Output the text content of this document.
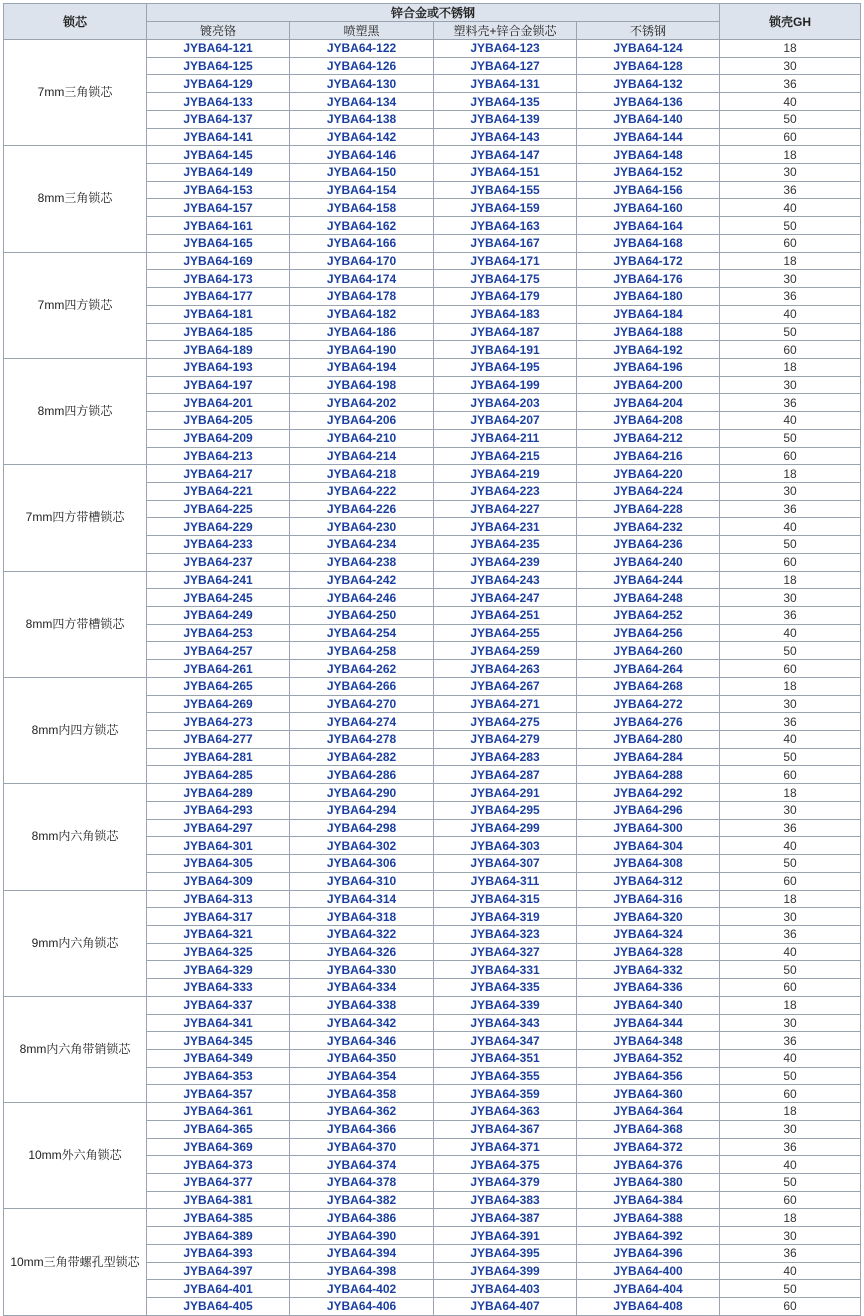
锁芯	锌合金或不锈钢				锁壳GH
	镀亮铬	喷塑黑	塑料壳+锌合金锁芯	不锈钢	
7mm三角锁芯	JYBA64-121	JYBA64-122	JYBA64-123	JYBA64-124	18
	JYBA64-125	JYBA64-126	JYBA64-127	JYBA64-128	30
	JYBA64-129	JYBA64-130	JYBA64-131	JYBA64-132	36
	JYBA64-133	JYBA64-134	JYBA64-135	JYBA64-136	40
	JYBA64-137	JYBA64-138	JYBA64-139	JYBA64-140	50
	JYBA64-141	JYBA64-142	JYBA64-143	JYBA64-144	60
8mm三角锁芯	JYBA64-145	JYBA64-146	JYBA64-147	JYBA64-148	18
	JYBA64-149	JYBA64-150	JYBA64-151	JYBA64-152	30
	JYBA64-153	JYBA64-154	JYBA64-155	JYBA64-156	36
	JYBA64-157	JYBA64-158	JYBA64-159	JYBA64-160	40
	JYBA64-161	JYBA64-162	JYBA64-163	JYBA64-164	50
	JYBA64-165	JYBA64-166	JYBA64-167	JYBA64-168	60
7mm四方锁芯	JYBA64-169	JYBA64-170	JYBA64-171	JYBA64-172	18
	JYBA64-173	JYBA64-174	JYBA64-175	JYBA64-176	30
	JYBA64-177	JYBA64-178	JYBA64-179	JYBA64-180	36
	JYBA64-181	JYBA64-182	JYBA64-183	JYBA64-184	40
	JYBA64-185	JYBA64-186	JYBA64-187	JYBA64-188	50
	JYBA64-189	JYBA64-190	JYBA64-191	JYBA64-192	60
8mm四方锁芯	JYBA64-193	JYBA64-194	JYBA64-195	JYBA64-196	18
	JYBA64-197	JYBA64-198	JYBA64-199	JYBA64-200	30
	JYBA64-201	JYBA64-202	JYBA64-203	JYBA64-204	36
	JYBA64-205	JYBA64-206	JYBA64-207	JYBA64-208	40
	JYBA64-209	JYBA64-210	JYBA64-211	JYBA64-212	50
	JYBA64-213	JYBA64-214	JYBA64-215	JYBA64-216	60
7mm四方带槽锁芯	JYBA64-217	JYBA64-218	JYBA64-219	JYBA64-220	18
	JYBA64-221	JYBA64-222	JYBA64-223	JYBA64-224	30
	JYBA64-225	JYBA64-226	JYBA64-227	JYBA64-228	36
	JYBA64-229	JYBA64-230	JYBA64-231	JYBA64-232	40
	JYBA64-233	JYBA64-234	JYBA64-235	JYBA64-236	50
	JYBA64-237	JYBA64-238	JYBA64-239	JYBA64-240	60
8mm四方带槽锁芯	JYBA64-241	JYBA64-242	JYBA64-243	JYBA64-244	18
	JYBA64-245	JYBA64-246	JYBA64-247	JYBA64-248	30
	JYBA64-249	JYBA64-250	JYBA64-251	JYBA64-252	36
	JYBA64-253	JYBA64-254	JYBA64-255	JYBA64-256	40
	JYBA64-257	JYBA64-258	JYBA64-259	JYBA64-260	50
	JYBA64-261	JYBA64-262	JYBA64-263	JYBA64-264	60
8mm内四方锁芯	JYBA64-265	JYBA64-266	JYBA64-267	JYBA64-268	18
	JYBA64-269	JYBA64-270	JYBA64-271	JYBA64-272	30
	JYBA64-273	JYBA64-274	JYBA64-275	JYBA64-276	36
	JYBA64-277	JYBA64-278	JYBA64-279	JYBA64-280	40
	JYBA64-281	JYBA64-282	JYBA64-283	JYBA64-284	50
	JYBA64-285	JYBA64-286	JYBA64-287	JYBA64-288	60
8mm内六角锁芯	JYBA64-289	JYBA64-290	JYBA64-291	JYBA64-292	18
	JYBA64-293	JYBA64-294	JYBA64-295	JYBA64-296	30
	JYBA64-297	JYBA64-298	JYBA64-299	JYBA64-300	36
	JYBA64-301	JYBA64-302	JYBA64-303	JYBA64-304	40
	JYBA64-305	JYBA64-306	JYBA64-307	JYBA64-308	50
	JYBA64-309	JYBA64-310	JYBA64-311	JYBA64-312	60
9mm内六角锁芯	JYBA64-313	JYBA64-314	JYBA64-315	JYBA64-316	18
	JYBA64-317	JYBA64-318	JYBA64-319	JYBA64-320	30
	JYBA64-321	JYBA64-322	JYBA64-323	JYBA64-324	36
	JYBA64-325	JYBA64-326	JYBA64-327	JYBA64-328	40
	JYBA64-329	JYBA64-330	JYBA64-331	JYBA64-332	50
	JYBA64-333	JYBA64-334	JYBA64-335	JYBA64-336	60
8mm内六角带销锁芯	JYBA64-337	JYBA64-338	JYBA64-339	JYBA64-340	18
	JYBA64-341	JYBA64-342	JYBA64-343	JYBA64-344	30
	JYBA64-345	JYBA64-346	JYBA64-347	JYBA64-348	36
	JYBA64-349	JYBA64-350	JYBA64-351	JYBA64-352	40
	JYBA64-353	JYBA64-354	JYBA64-355	JYBA64-356	50
	JYBA64-357	JYBA64-358	JYBA64-359	JYBA64-360	60
10mm外六角锁芯	JYBA64-361	JYBA64-362	JYBA64-363	JYBA64-364	18
	JYBA64-365	JYBA64-366	JYBA64-367	JYBA64-368	30
	JYBA64-369	JYBA64-370	JYBA64-371	JYBA64-372	36
	JYBA64-373	JYBA64-374	JYBA64-375	JYBA64-376	40
	JYBA64-377	JYBA64-378	JYBA64-379	JYBA64-380	50
	JYBA64-381	JYBA64-382	JYBA64-383	JYBA64-384	60
10mm三角带螺孔型锁芯	JYBA64-385	JYBA64-386	JYBA64-387	JYBA64-388	18
	JYBA64-389	JYBA64-390	JYBA64-391	JYBA64-392	30
	JYBA64-393	JYBA64-394	JYBA64-395	JYBA64-396	36
	JYBA64-397	JYBA64-398	JYBA64-399	JYBA64-400	40
	JYBA64-401	JYBA64-402	JYBA64-403	JYBA64-404	50
	JYBA64-405	JYBA64-406	JYBA64-407	JYBA64-408	60
